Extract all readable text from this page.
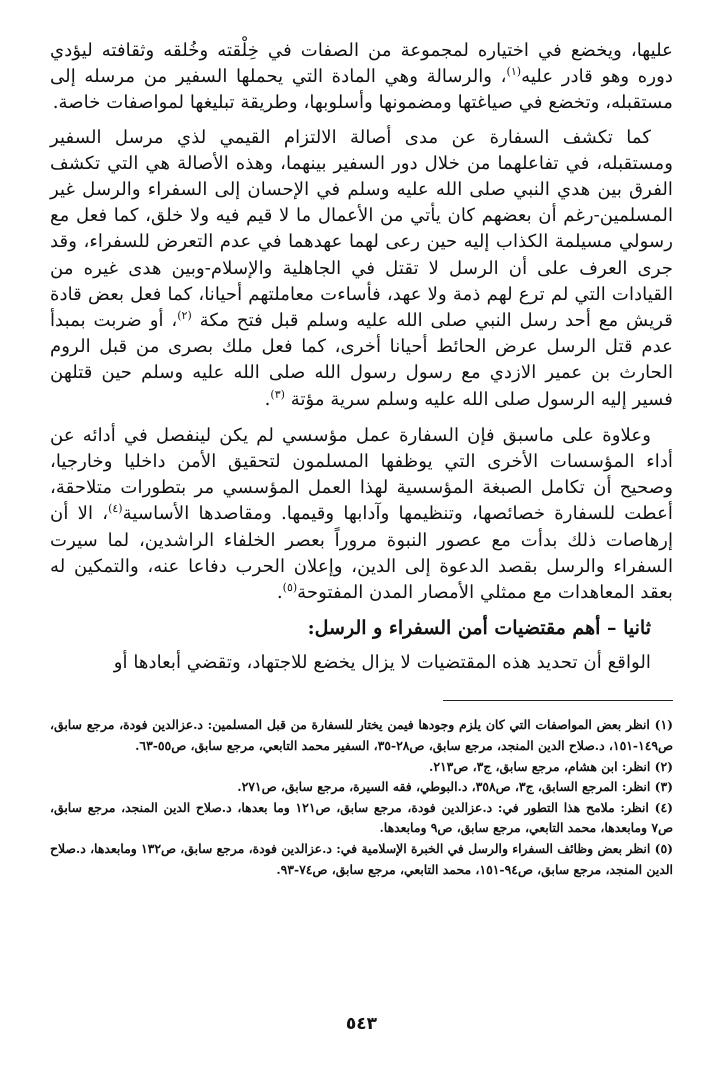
عليها، ويخضع في اختياره لمجموعة من الصفات في خِلْقته وخُلقه وثقافته ليؤدي دوره وهو قادر عليه$^{(١)}$، والرسالة وهي المادة التي يحملها السفير من مرسله إلى مستقبله، وتخضع في صياغتها ومضمونها وأسلوبها، وطريقة تبليغها لمواصفات خاصة.

كما تكشف السفارة عن مدى أصالة الالتزام القيمي لذي مرسل السفير ومستقبله، في تفاعلهما من خلال دور السفير بينهما، وهذه الأصالة هي التي تكشف الفرق بين هدي النبي صلى الله عليه وسلم في الإحسان إلى السفراء والرسل غير المسلمين-رغم أن بعضهم كان يأتي من الأعمال ما لا قيم فيه ولا خلق، كما فعل مع رسولي مسيلمة الكذاب إليه حين رعى لهما عهدهما في عدم التعرض للسفراء، وقد جرى العرف على أن الرسل لا تقتل في الجاهلية والإسلام-وبين هدى غيره من القيادات التي لم ترع لهم ذمة ولا عهد، فأساءت معاملتهم أحيانا، كما فعل بعض قادة قريش مع أحد رسل النبي صلى الله عليه وسلم قبل فتح مكة $^{(٢)}$، أو ضربت بمبدأ عدم قتل الرسل عرض الحائط أحيانا أخرى، كما فعل ملك بصرى من قبل الروم الحارث بن عمير الازدي مع رسول رسول الله صلى الله عليه وسلم حين قتلهن فسير إليه الرسول صلى الله عليه وسلم سرية مؤتة $^{(٣)}$.

وعلاوة على ماسبق فإن السفارة عمل مؤسسي لم يكن لينفصل في أدائه عن أداء المؤسسات الأخرى التي يوظفها المسلمون لتحقيق الأمن داخليا وخارجيا، وصحيح أن تكامل الصبغة المؤسسية لهذا العمل المؤسسي مر بتطورات متلاحقة، أعطت للسفارة خصائصها، وتنظيمها وآدابها وقيمها. ومقاصدها الأساسية$^{(٤)}$، الا أن إرهاصات ذلك بدأت مع عصور النبوة مروراً بعصر الخلفاء الراشدين، لما سيرت السفراء والرسل بقصد الدعوة إلى الدين، وإعلان الحرب دفاعا عنه، والتمكين له بعقد المعاهدات مع ممثلي الأمصار المدن المفتوحة$^{(٥)}$.

ثانيا – أهم مقتضيات أمن السفراء و الرسل:

الواقع أن تحديد هذه المقتضيات لا يزال يخضع للاجتهاد، وتقضي أبعادها أو

(١) انظر بعض المواصفات التي كان يلزم وجودها فيمن يختار للسفارة من قبل المسلمين: د.عزالدين فودة، مرجع سابق، ص١٤٩-١٥١، د.صلاح الدين المنجد، مرجع سابق، ص٢٨-٣٥، السفير محمد التابعي، مرجع سابق، ص٥٥-٦٣.

(٢) انظر: ابن هشام، مرجع سابق، ج٣، ص٢١٣.

(٣) انظر: المرجع السابق، ج٣، ص٣٥٨، د.البوطي، فقه السيرة، مرجع سابق، ص٢٧١.

(٤) انظر: ملامح هذا التطور في: د.عزالدين فودة، مرجع سابق، ص١٢١ وما بعدها، د.صلاح الدين المنجد، مرجع سابق، ص٧ ومابعدها، محمد التابعي، مرجع سابق، ص٩ ومابعدها.

(٥) انظر بعض وظائف السفراء والرسل في الخبرة الإسلامية في: د.عزالدين فودة، مرجع سابق، ص١٣٢ ومابعدها، د.صلاح الدين المنجد، مرجع سابق، ص٩٤-١٥١، محمد التابعي، مرجع سابق، ص٧٤-٩٣.

٥٤٣
